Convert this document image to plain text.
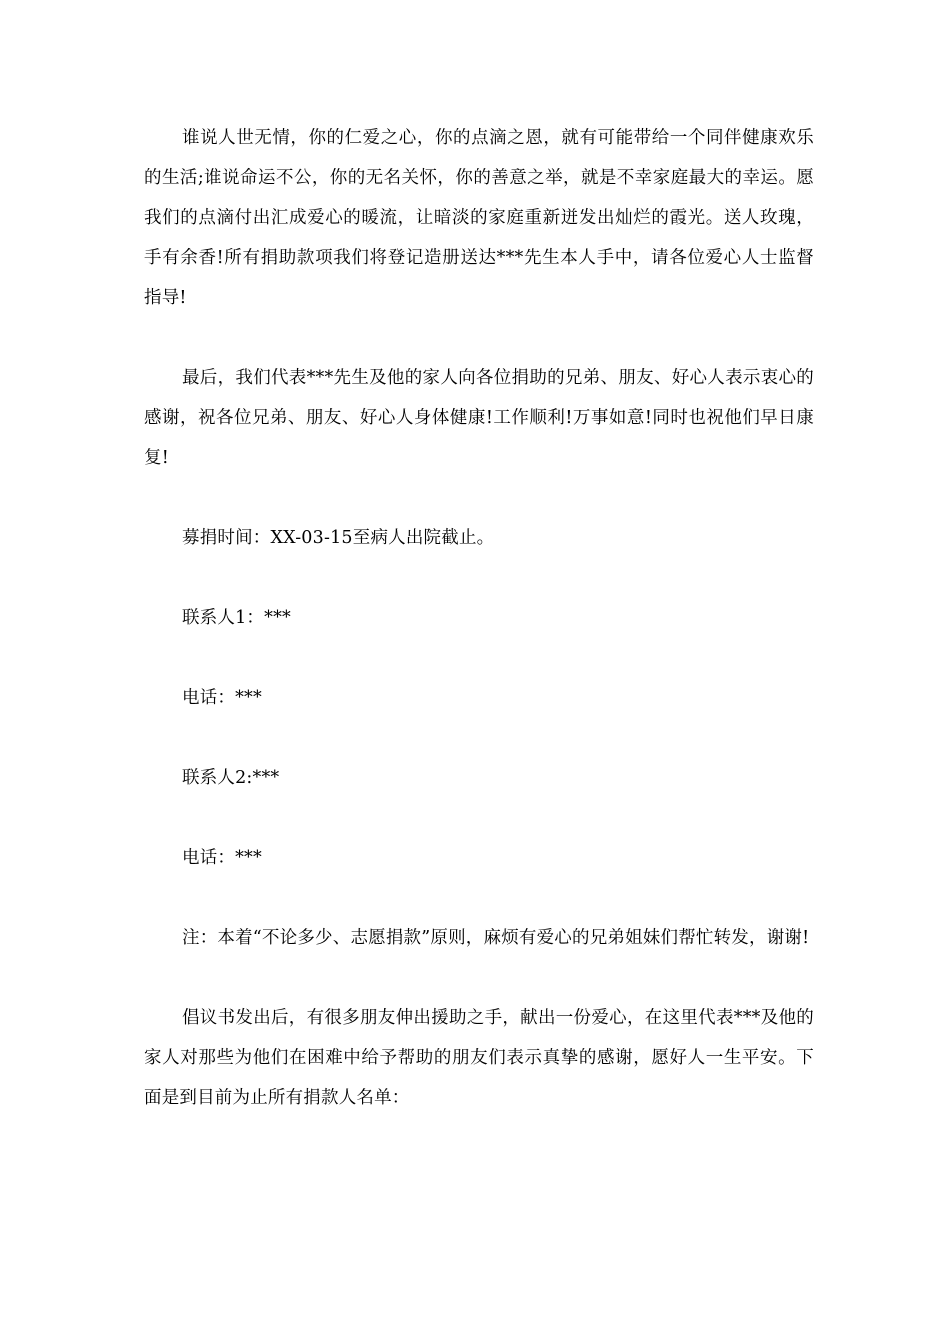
谁说人世无情，你的仁爱之心，你的点滴之恩，就有可能带给一个同伴健康欢乐的生活;谁说命运不公，你的无名关怀，你的善意之举，就是不幸家庭最大的幸运。愿我们的点滴付出汇成爱心的暖流，让暗淡的家庭重新迸发出灿烂的霞光。送人玫瑰，手有余香!所有捐助款项我们将登记造册送达***先生本人手中，请各位爱心人士监督指导!

最后，我们代表***先生及他的家人向各位捐助的兄弟、朋友、好心人表示衷心的感谢，祝各位兄弟、朋友、好心人身体健康!工作顺利!万事如意!同时也祝他们早日康复!

募捐时间：XX-03-15至病人出院截止。

联系人1：***

电话：***

联系人2:***

电话：***

注：本着“不论多少、志愿捐款”原则，麻烦有爱心的兄弟姐妹们帮忙转发，谢谢!

倡议书发出后，有很多朋友伸出援助之手，献出一份爱心，在这里代表***及他的家人对那些为他们在困难中给予帮助的朋友们表示真挚的感谢，愿好人一生平安。下面是到目前为止所有捐款人名单：
